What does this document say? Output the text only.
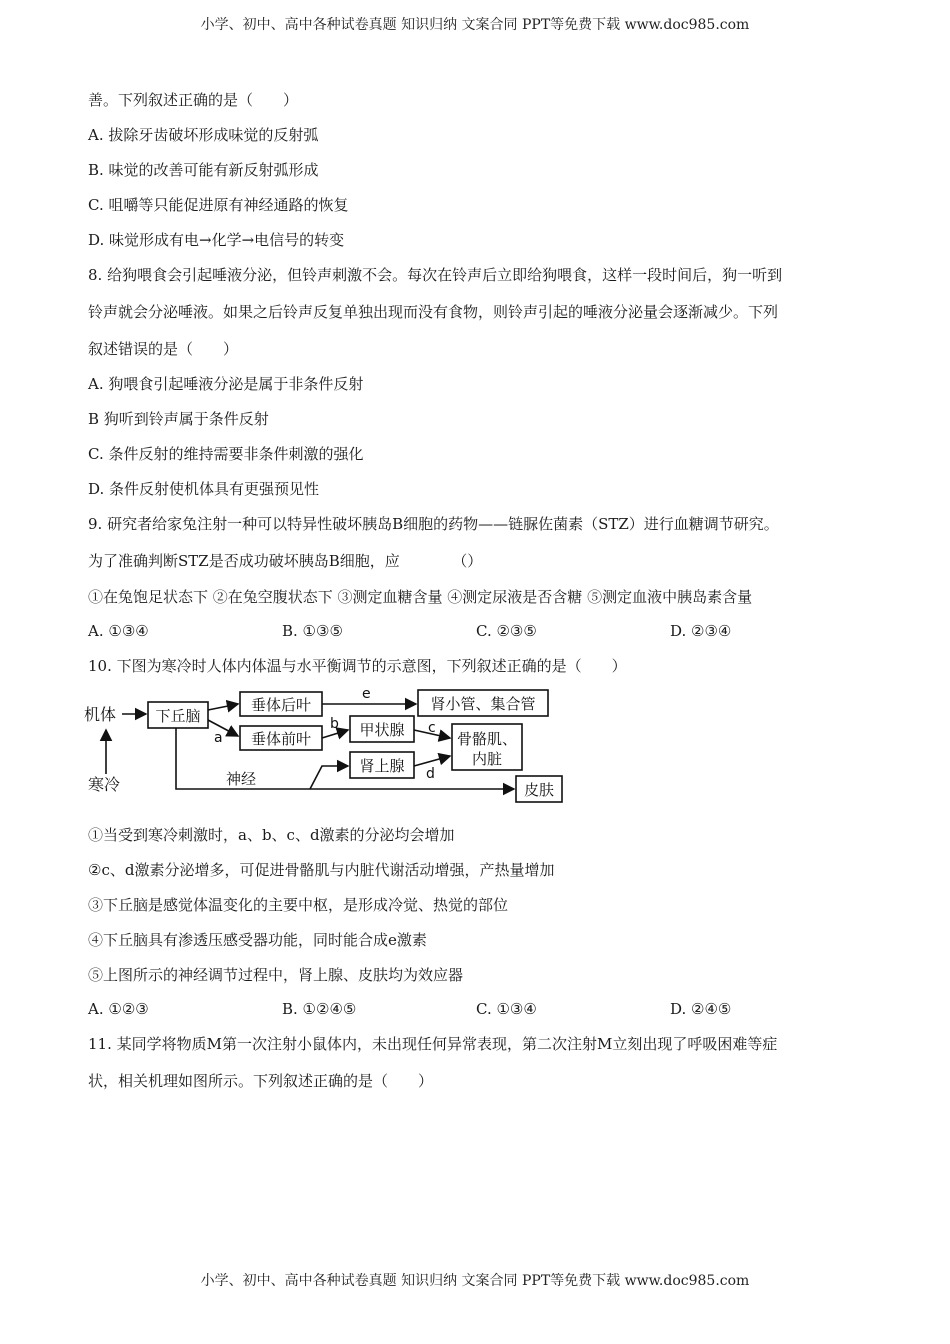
小学、初中、高中各种试卷真题 知识归纳 文案合同 PPT等免费下载 www.doc985.com
善。下列叙述正确的是（　　）
A. 拔除牙齿破坏形成味觉的反射弧
B. 味觉的改善可能有新反射弧形成
C. 咀嚼等只能促进原有神经通路的恢复
D. 味觉形成有电→化学→电信号的转变
8. 给狗喂食会引起唾液分泌，但铃声刺激不会。每次在铃声后立即给狗喂食，这样一段时间后，狗一听到
铃声就会分泌唾液。如果之后铃声反复单独出现而没有食物，则铃声引起的唾液分泌量会逐渐减少。下列
叙述错误的是（　　）
A. 狗喂食引起唾液分泌是属于非条件反射
B 狗听到铃声属于条件反射
C. 条件反射的维持需要非条件刺激的强化
D. 条件反射使机体具有更强预见性
9. 研究者给家兔注射一种可以特异性破坏胰岛B细胞的药物——链脲佐菌素（STZ）进行血糖调节研究。
为了准确判断STZ是否成功破坏胰岛B细胞，应　　　　（）
①在兔饱足状态下 ②在兔空腹状态下 ③测定血糖含量 ④测定尿液是否含糖 ⑤测定血液中胰岛素含量
A. ①③④	B. ①③⑤	C. ②③⑤	D. ②③④
10. 下图为寒冷时人体内体温与水平衡调节的示意图，下列叙述正确的是（　　）
机体
寒冷
下丘脑
垂体后叶
垂体前叶
肾小管、集合管
甲状腺
肾上腺
骨骼肌、
内脏
皮肤
神经
a
b	c
d
e
①当受到寒冷刺激时，a、b、c、d激素的分泌均会增加
②c、d激素分泌增多，可促进骨骼肌与内脏代谢活动增强，产热量增加
③下丘脑是感觉体温变化的主要中枢，是形成冷觉、热觉的部位
④下丘脑具有渗透压感受器功能，同时能合成e激素
⑤上图所示的神经调节过程中，肾上腺、皮肤均为效应器
A. ①②③	B. ①②④⑤	C. ①③④	D. ②④⑤
11. 某同学将物质M第一次注射小鼠体内，未出现任何异常表现，第二次注射M立刻出现了呼吸困难等症
状，相关机理如图所示。下列叙述正确的是（　　）
小学、初中、高中各种试卷真题 知识归纳 文案合同 PPT等免费下载 www.doc985.com
